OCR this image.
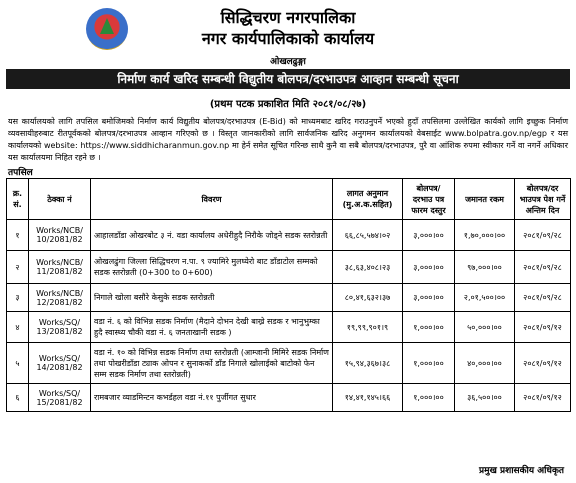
सिद्धिचरण नगरपालिका
नगर कार्यपालिकाको कार्यालय
ओखलढुङ्गा
निर्माण कार्य खरिद सम्बन्धी विद्युतीय बोलपत्र/दरभाउपत्र आव्हान सम्बन्धी सूचना
(प्रथम पटक प्रकाशित मिति २०८१/०८/२७)
यस कार्यालयको लागि तपसिल बमोजिमको निर्माण कार्य विद्युतीय बोलपत्र/दरभाउपत्र (E-Bid) को माध्यमबाट खरिद गराउनुपर्ने भएको हुदाँ तपसिलमा उल्लेखित कार्यको लागि इच्छुक निर्माण व्यवसायीहरुबाट रीतपूर्वकको बोलपत्र/दरभाउपत्र आव्हान गरिएको छ । विस्तृत जानकारीको लागि सार्वजनिक खरिद अनुगमन कार्यालयको वेबसाईट www.bolpatra.gov.np/egp र यस कार्यालयको website: https://www.siddhicharanmun.gov.np मा हेर्न समेत सूचित गरिन्छ साथै कुनै वा सबै बोलपत्र/दरभाउपत्र, पुरै वा आंशिक रुपमा स्वीकार गर्ने वा नगर्ने अधिकार यस कार्यालयमा निहित रहने छ ।
तपसिल
क्र. सं.	ठेक्का नं	विवरण	लागत अनुमान (मु.अ.क.सहित)	बोलपत्र/ दरभाउ पत्र फारम दस्तुर	जमानत रकम	बोलपत्र/दर भाउपत्र पेश गर्ने अन्तिम दिन
१	Works/NCB/ 10/2081/82	आहालडाँडा ओखरबोट ३ नं. वडा कार्यालय अधेरीहुदै निरौके जोड्ने सडक स्तरोन्नती	६६,८५,५७४।०२	३,०००।००	१,७०,०००।००	२०८१/०९/२८
२	Works/NCB/ 11/2081/82	ओखलढुंगा जिल्ला सिद्धिचरण न.पा. ९ ज्यामिरे मुलघ्येरो बाट डाँडाटोल सम्मको सडक स्तरोन्नती (0+300 to 0+600)	३८,६३,४०८।२३	३,०००।००	९७,०००।००	२०८१/०९/२८
३	Works/NCB/ 12/2081/82	निगाले खोला बसौरे केसुके सडक स्तरोन्नती	८०,४१,६३२।३७	३,०००।००	२,०१,५००।००	२०८१/०९/२८
४	Works/SQ/ 13/2081/82	वडा नं. ६ को विभिन्न सडक निर्माण (मैदाने दोभन देखी बाख्रे सडक र भानुभुम्का हुदै स्वास्थ्य चौकी वडा नं. ६ जनताखानी सडक )	१९,९९,९०१।९	१,०००।००	५०,०००।००	२०८१/०९/१२
५	Works/SQ/ 14/2081/82	वडा नं. १० को विभिन्न सडक निर्माण तथा स्तरोन्नती (आम्जानी मिमिरे सडक निर्माण तथा पोखरीडाँडा ट्याक ओपन र सुनाकर्को डाँड निगाले खोलाईको बाटोको फेन सम्म सडक निर्माण तथा स्तरोन्नती)	१५,९४,३६७।३८	१,०००।००	४०,०००।००	२०८१/०९/१२
६	Works/SQ/ 15/2081/82	रामबजार व्याडमिन्टन कभर्डहल वडा नं.११ पुर्जीगत सुधार	१४,४१,१४५।६६	१,०००।००	३६,५००।००	२०८१/०९/१२
प्रमुख प्रशासकीय अधिकृत
